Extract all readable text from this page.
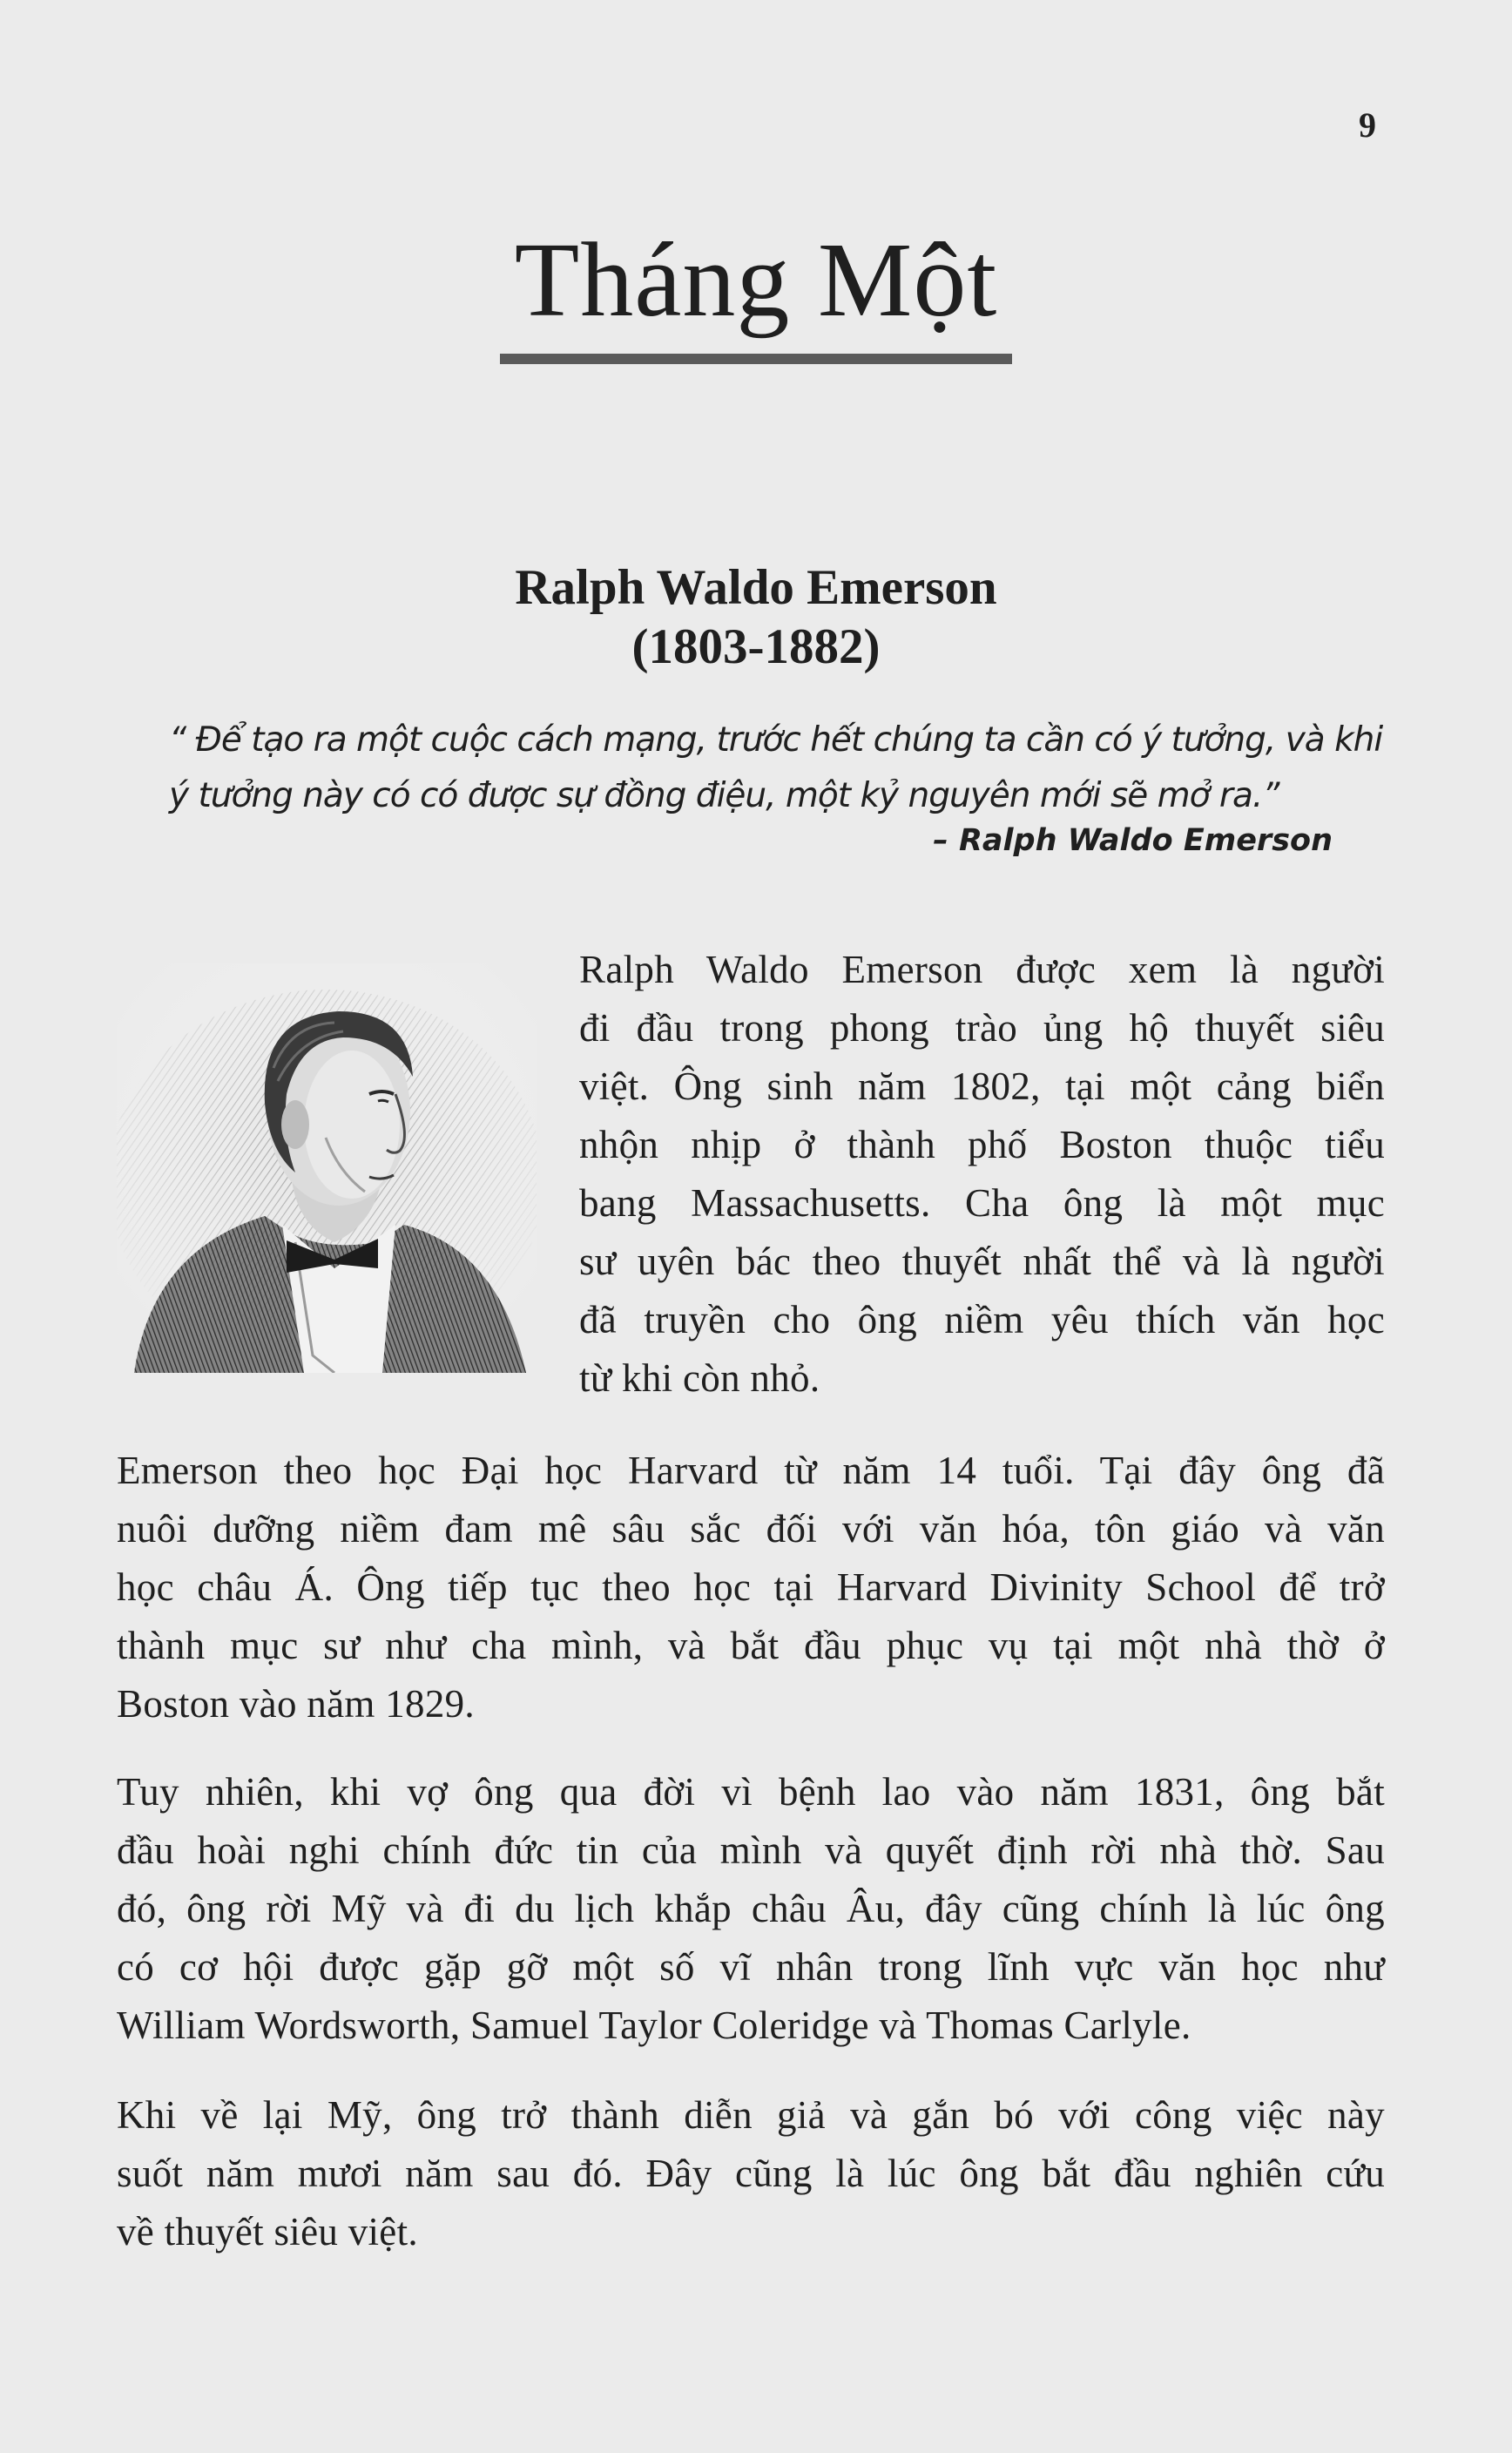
9
Tháng Một
Ralph Waldo Emerson
(1803-1882)
“ Để tạo ra một cuộc cách mạng, trước hết chúng ta cần có ý tưởng, và khi
ý tưởng này có có được sự đồng điệu, một kỷ nguyên mới sẽ mở ra.”
– Ralph Waldo Emerson
Ralph Waldo Emerson được xem là người
đi đầu trong phong trào ủng hộ thuyết siêu
việt. Ông sinh năm 1802, tại một cảng biển
nhộn nhịp ở thành phố Boston thuộc tiểu
bang Massachusetts. Cha ông là một mục
sư uyên bác theo thuyết nhất thể và là người
đã truyền cho ông niềm yêu thích văn học
từ khi còn nhỏ.
Emerson theo học Đại học Harvard từ năm 14 tuổi. Tại đây ông đã
nuôi dưỡng niềm đam mê sâu sắc đối với văn hóa, tôn giáo và văn
học châu Á. Ông tiếp tục theo học tại Harvard Divinity School để trở
thành mục sư như cha mình, và bắt đầu phục vụ tại một nhà thờ ở
Boston vào năm 1829.
Tuy nhiên, khi vợ ông qua đời vì bệnh lao vào năm 1831, ông bắt
đầu hoài nghi chính đức tin của mình và quyết định rời nhà thờ. Sau
đó, ông rời Mỹ và đi du lịch khắp châu Âu, đây cũng chính là lúc ông
có cơ hội được gặp gỡ một số vĩ nhân trong lĩnh vực văn học như
William Wordsworth, Samuel Taylor Coleridge và Thomas Carlyle.
Khi về lại Mỹ, ông trở thành diễn giả và gắn bó với công việc này
suốt năm mươi năm sau đó. Đây cũng là lúc ông bắt đầu nghiên cứu
về thuyết siêu việt.
